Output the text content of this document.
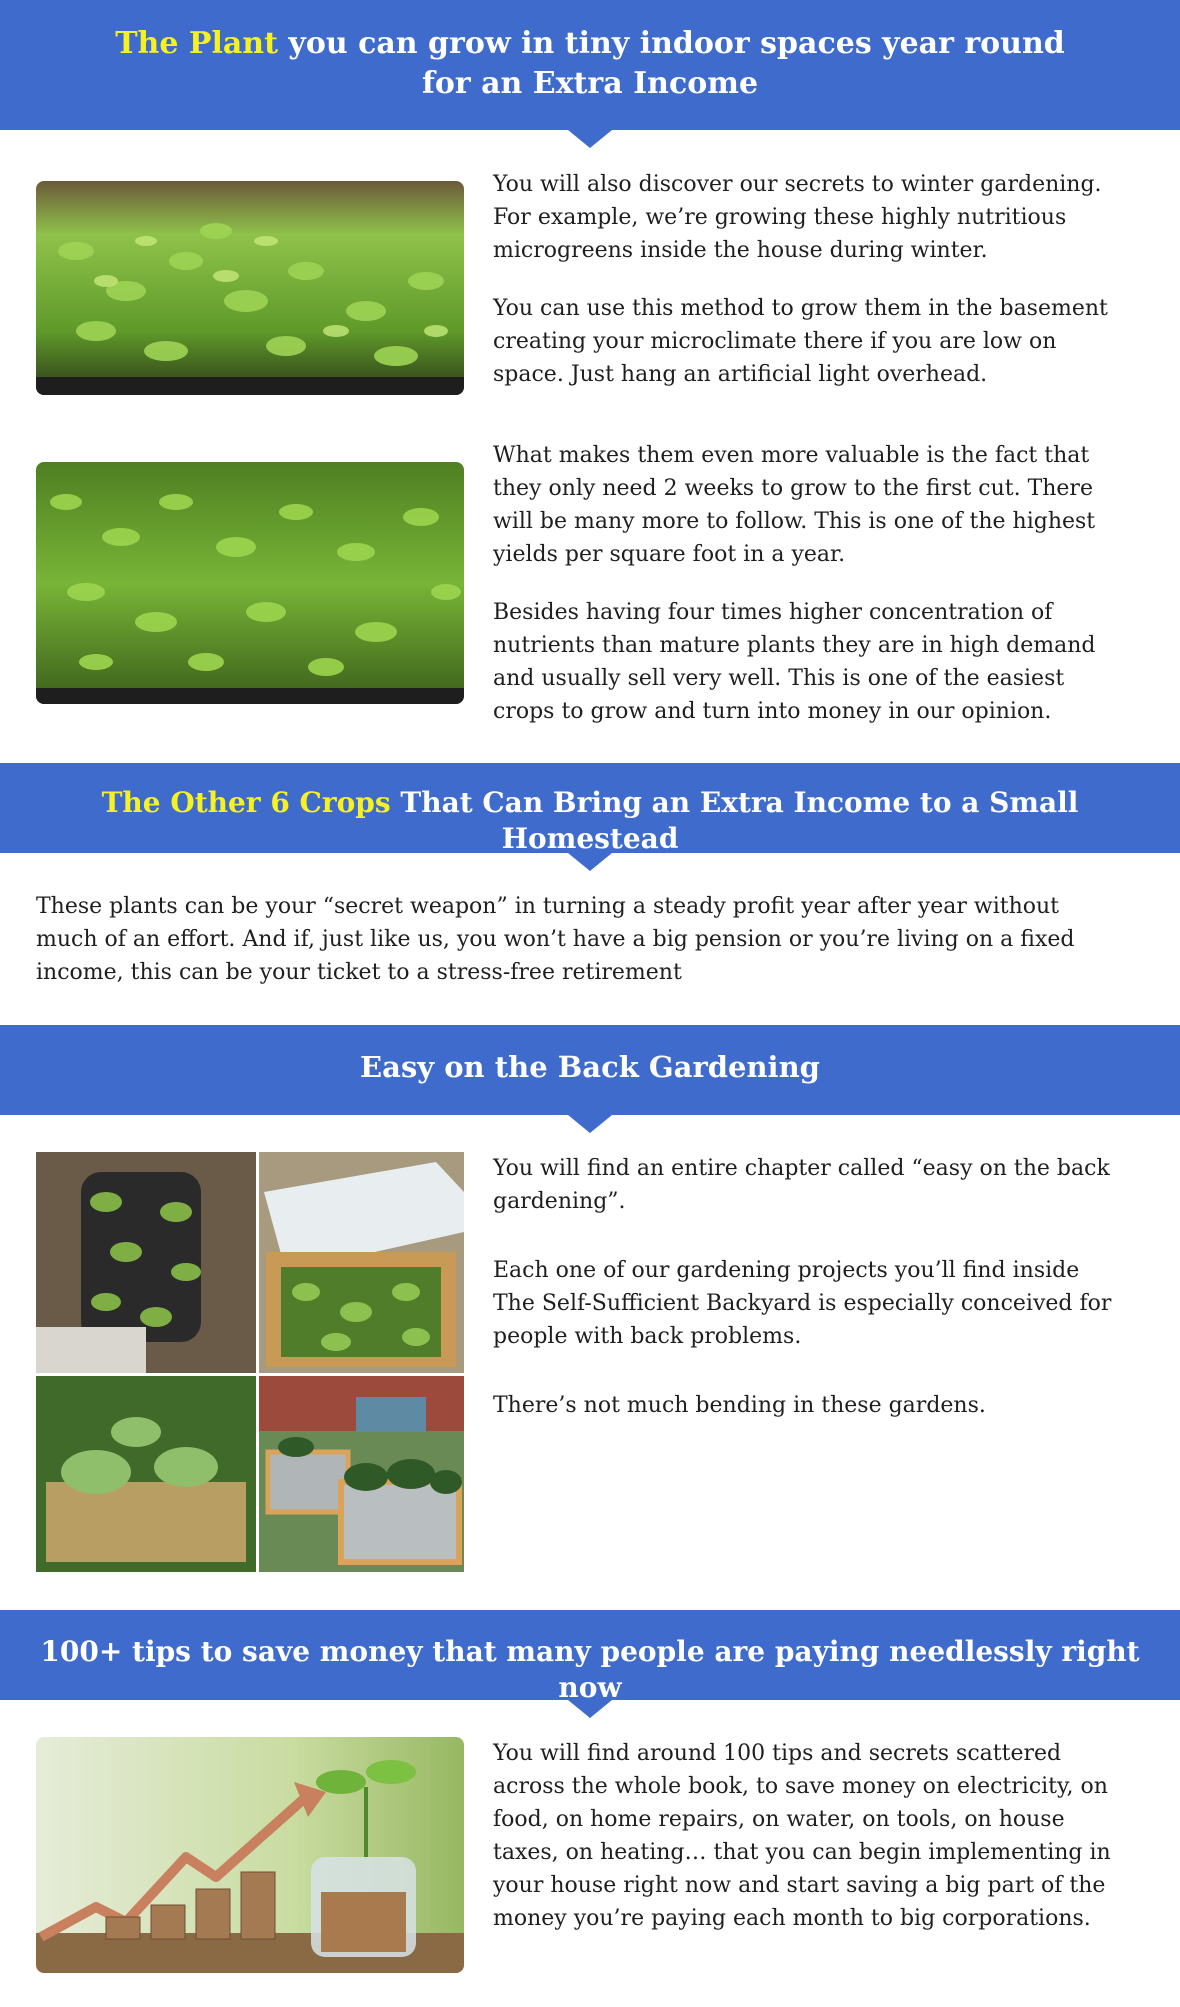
The Plant you can grow in tiny indoor spaces year round for an Extra Income

You will also discover our secrets to winter gardening. For example, we’re growing these highly nutritious microgreens inside the house during winter.

You can use this method to grow them in the basement creating your microclimate there if you are low on space. Just hang an artificial light overhead.

What makes them even more valuable is the fact that they only need 2 weeks to grow to the first cut. There will be many more to follow. This is one of the highest yields per square foot in a year.

Besides having four times higher concentration of nutrients than mature plants they are in high demand and usually sell very well. This is one of the easiest crops to grow and turn into money in our opinion.

The Other 6 Crops That Can Bring an Extra Income to a Small Homestead

These plants can be your “secret weapon” in turning a steady profit year after year without much of an effort. And if, just like us, you won’t have a big pension or you’re living on a fixed income, this can be your ticket to a stress-free retirement

Easy on the Back Gardening

You will find an entire chapter called “easy on the back gardening”.

Each one of our gardening projects you’ll find inside The Self-Sufficient Backyard is especially conceived for people with back problems.

There’s not much bending in these gardens.

100+ tips to save money that many people are paying needlessly right now

You will find around 100 tips and secrets scattered across the whole book, to save money on electricity, on food, on home repairs, on water, on tools, on house taxes, on heating… that you can begin implementing in your house right now and start saving a big part of the money you’re paying each month to big corporations.
